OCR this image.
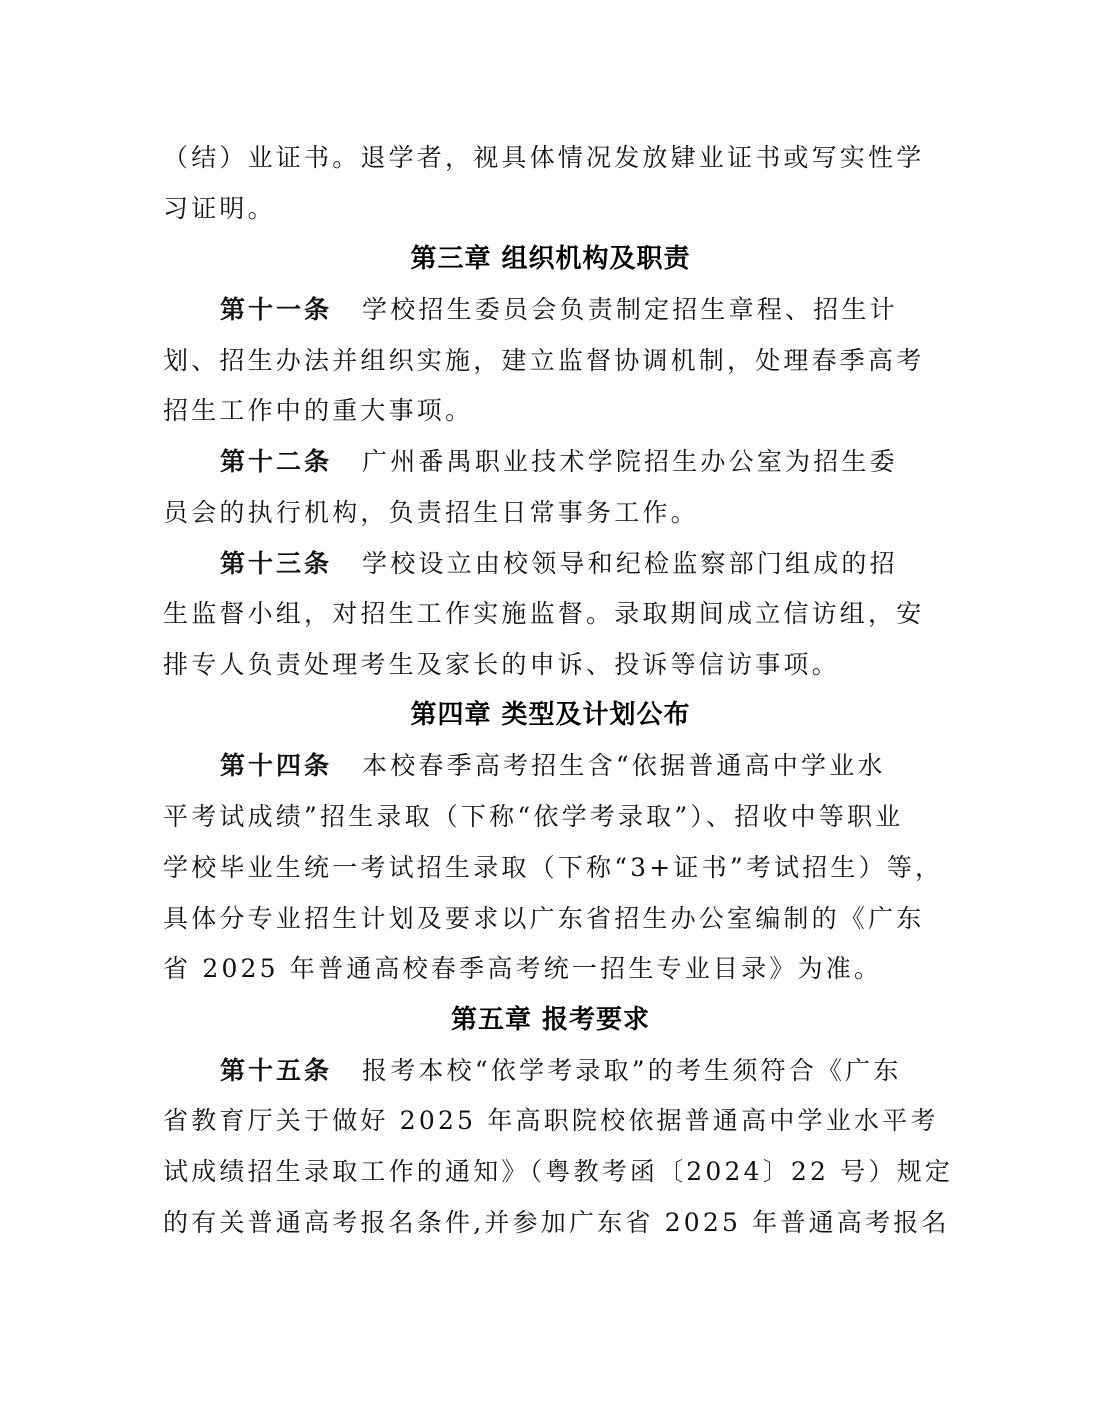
（结）业证书。退学者，视具体情况发放肄业证书或写实性学
习证明。
第三章 组织机构及职责
第十一条 学校招生委员会负责制定招生章程、招生计
划、招生办法并组织实施，建立监督协调机制，处理春季高考
招生工作中的重大事项。
第十二条 广州番禺职业技术学院招生办公室为招生委
员会的执行机构，负责招生日常事务工作。
第十三条 学校设立由校领导和纪检监察部门组成的招
生监督小组，对招生工作实施监督。录取期间成立信访组，安
排专人负责处理考生及家长的申诉、投诉等信访事项。
第四章 类型及计划公布
第十四条 本校春季高考招生含“依据普通高中学业水
平考试成绩”招生录取（下称“依学考录取”）、招收中等职业
学校毕业生统一考试招生录取（下称“3+证书”考试招生）等，
具体分专业招生计划及要求以广东省招生办公室编制的《广东
省 2025 年普通高校春季高考统一招生专业目录》为准。
第五章 报考要求
第十五条 报考本校“依学考录取”的考生须符合《广东
省教育厅关于做好 2025 年高职院校依据普通高中学业水平考
试成绩招生录取工作的通知》（粤教考函〔2024〕22 号）规定
的有关普通高考报名条件,并参加广东省 2025 年普通高考报名
